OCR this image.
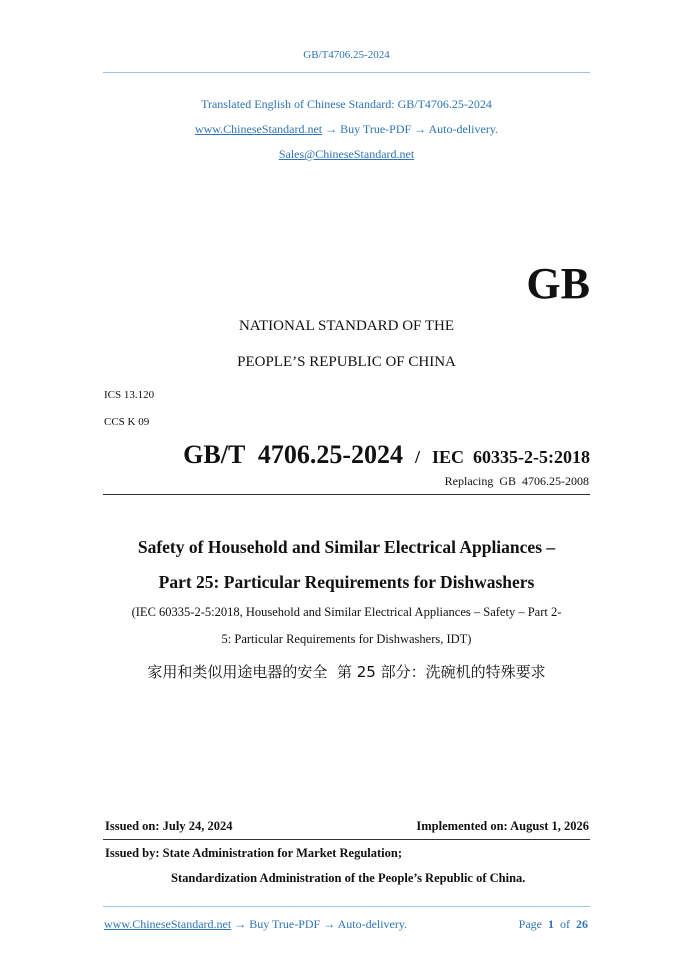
GB/T4706.25-2024
Translated English of Chinese Standard: GB/T4706.25-2024
www.ChineseStandard.net → Buy True-PDF → Auto-delivery.
Sales@ChineseStandard.net
GB
NATIONAL STANDARD OF THE
PEOPLE’S REPUBLIC OF CHINA
ICS 13.120
CCS K 09
GB/T  4706.25-2024 / IEC  60335-2-5:2018
Replacing  GB  4706.25-2008
Safety of Household and Similar Electrical Appliances –
Part 25: Particular Requirements for Dishwashers
(IEC 60335-2-5:2018, Household and Similar Electrical Appliances – Safety – Part 2-
5: Particular Requirements for Dishwashers, IDT)
家用和类似用途电器的安全  第 25 部分：洗碗机的特殊要求
Issued on: July 24, 2024	Implemented on: August 1, 2026
Issued by: State Administration for Market Regulation;
Standardization Administration of the People’s Republic of China.
www.ChineseStandard.net → Buy True-PDF → Auto-delivery.	Page 1 of 26
